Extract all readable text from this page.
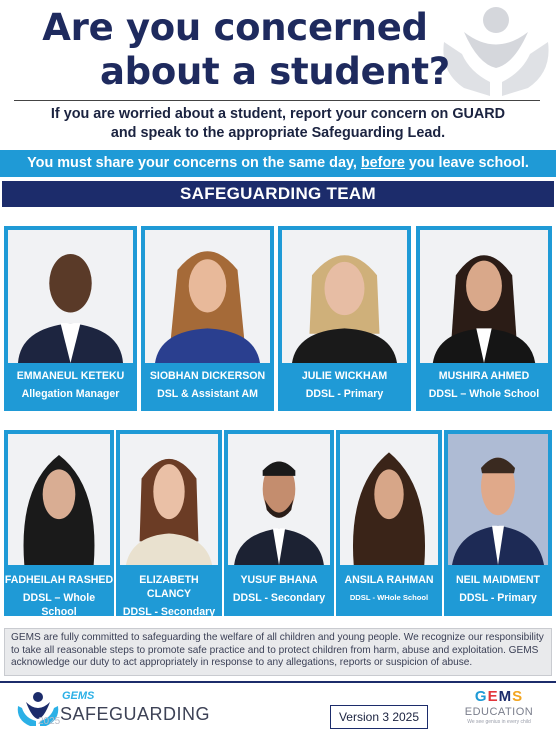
Are you concerned
about a student?
If you are worried about a student, report your concern on GUARD
and speak to the appropriate Safeguarding Lead.
You must share your concerns on the same day, before you leave school.
SAFEGUARDING TEAM
EMMANEUL KETEKU
Allegation Manager
SIOBHAN DICKERSON
DSL & Assistant AM
JULIE WICKHAM
DDSL - Primary
MUSHIRA AHMED
DDSL – Whole School
FADHEILAH RASHED
DDSL – Whole School
ELIZABETH CLANCY
DDSL - Secondary
YUSUF BHANA
DDSL - Secondary
ANSILA RAHMAN
DDSL - WHole School
NEIL MAIDMENT
DDSL - Primary
GEMS are fully committed to safeguarding the welfare of all children and young people. We recognize our responsibility to take all reasonable steps to promote safe practice and to protect children from harm, abuse and exploitation. GEMS acknowledge our duty to act appropriately in response to any allegations, reports or suspicion of abuse.
GEMS
SAFEGUARDING
2025	Version 3 2025
GEMS
EDUCATION
We see genius in every child
